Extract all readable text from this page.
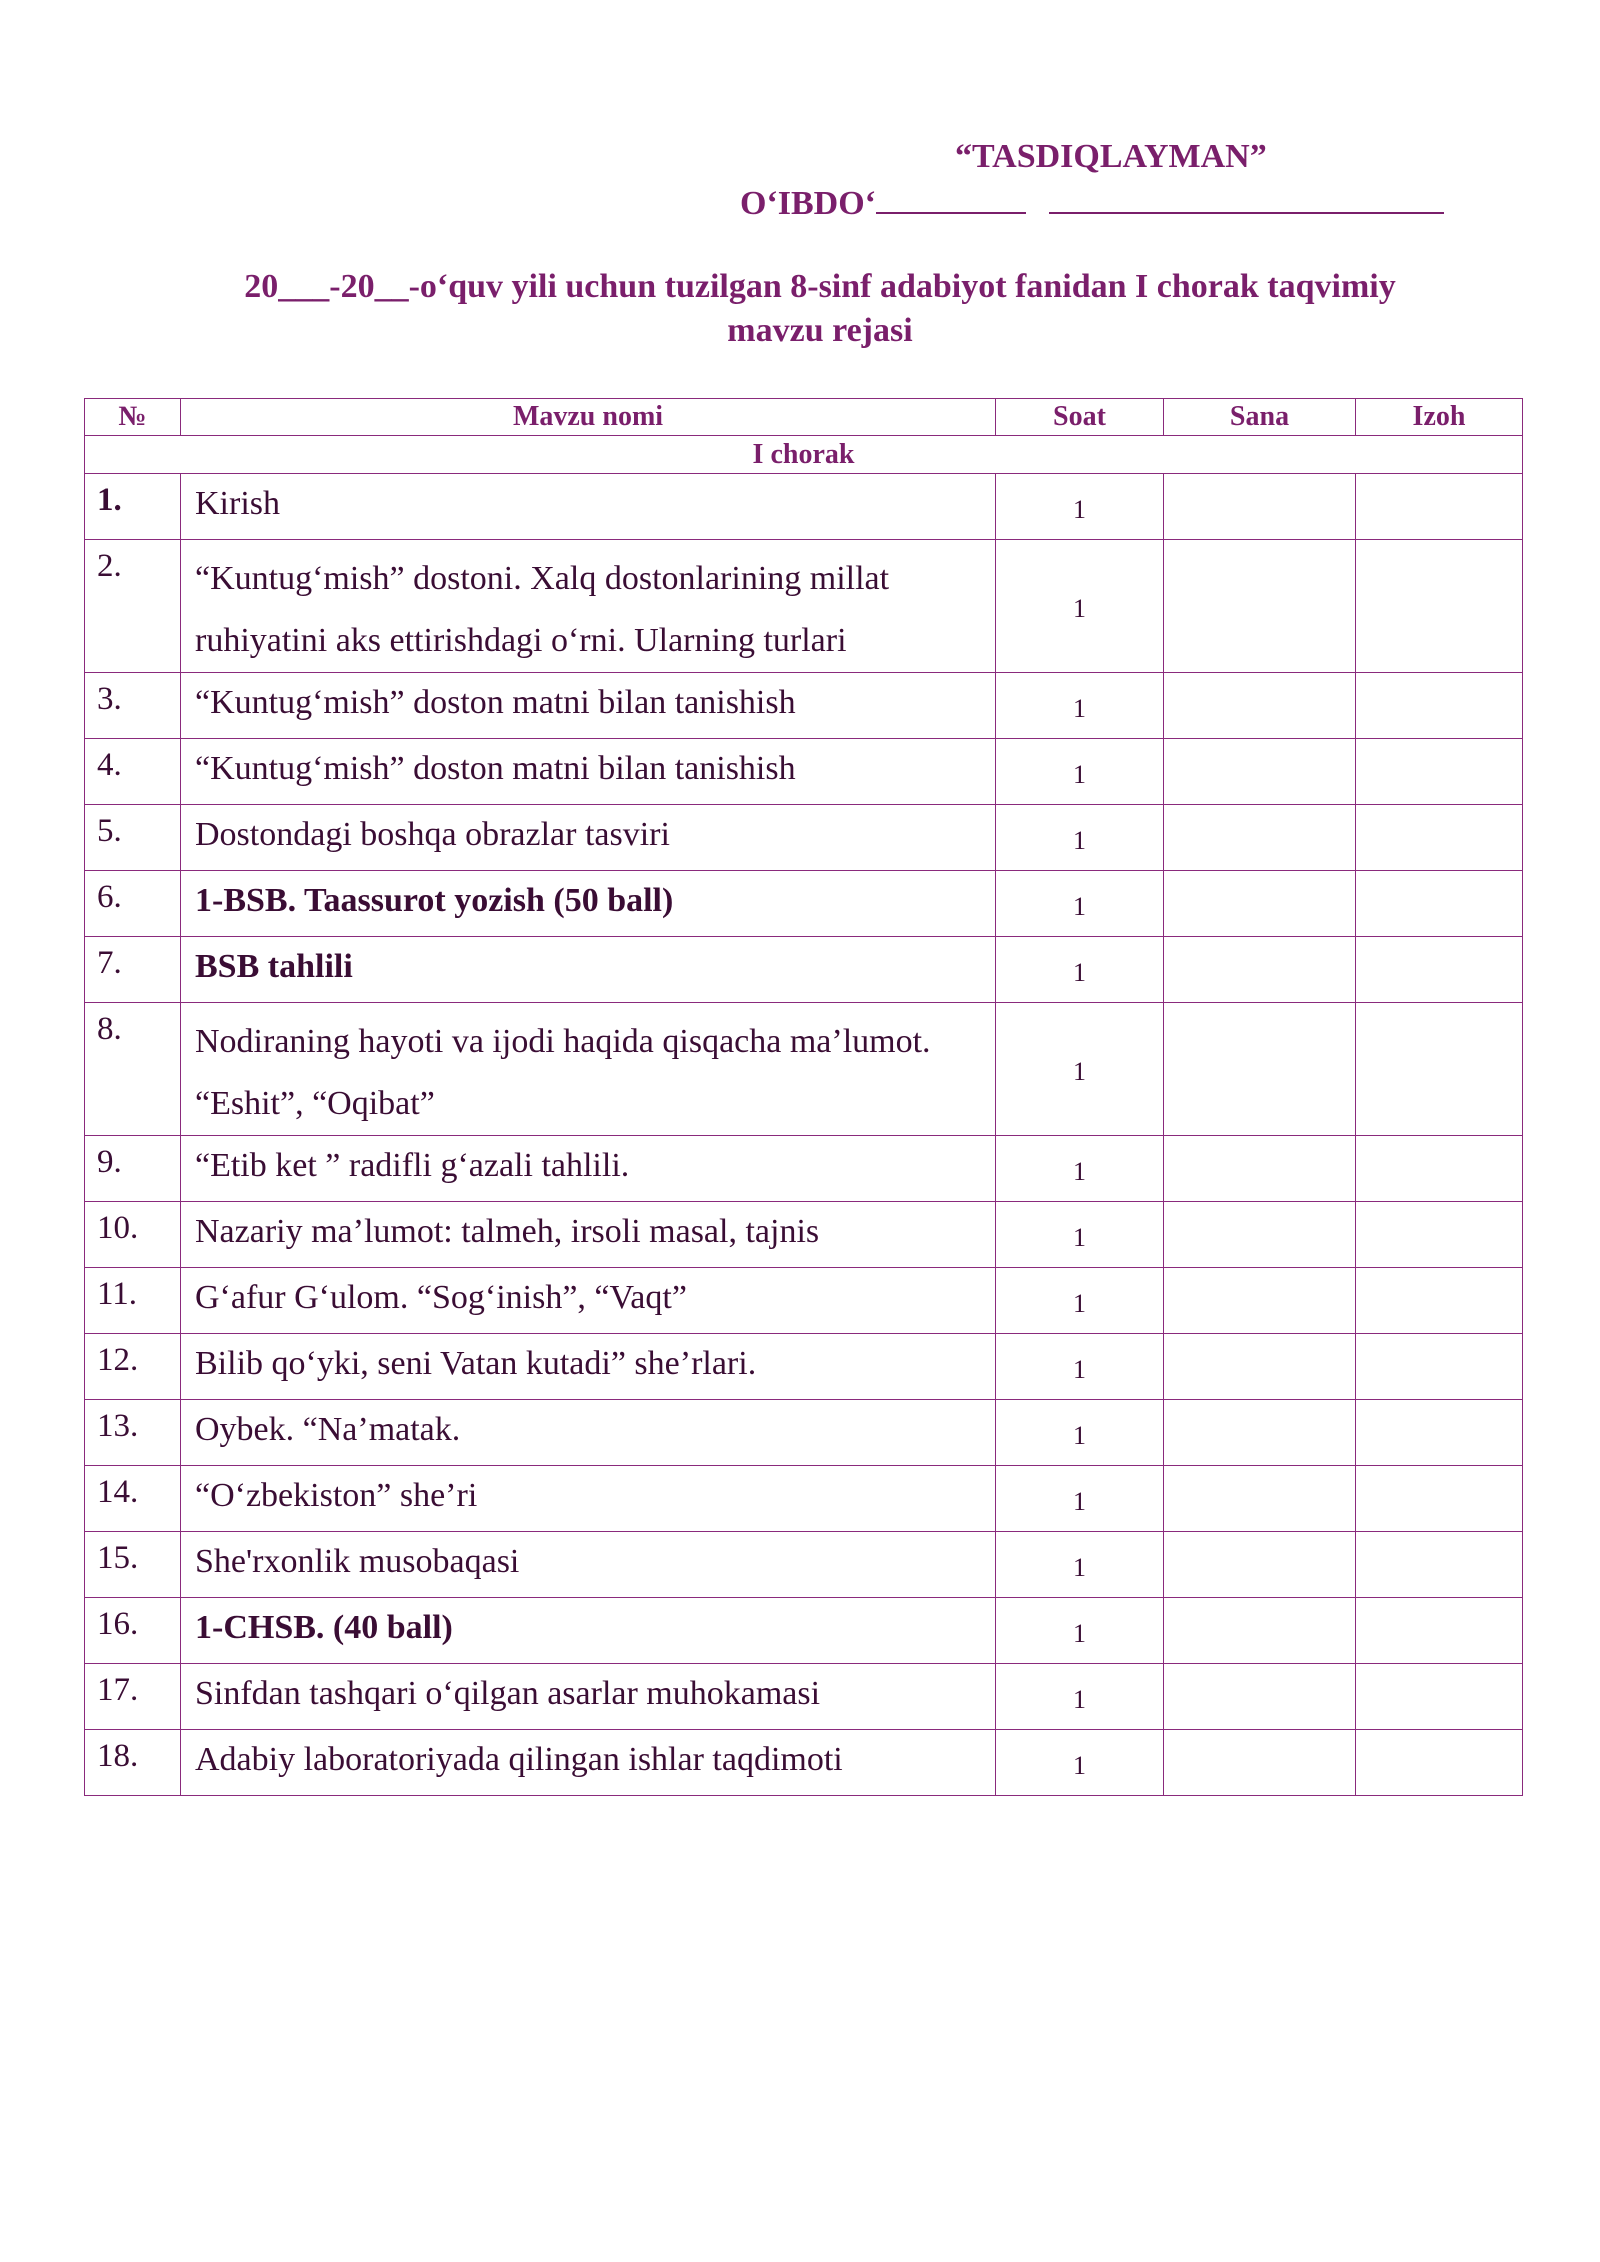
“TASDIQLAYMAN”
O‘IBDO‘
20___-20__-o‘quv yili uchun tuzilgan 8-sinf adabiyot fanidan I chorak taqvimiy
mavzu rejasi
№	Mavzu nomi	Soat	Sana	Izoh
I chorak				
1.	Kirish	1		
2.	“Kuntug‘mish” dostoni. Xalq dostonlarining millat ruhiyatini aks ettirishdagi o‘rni. Ularning turlari	1		
3.	“Kuntug‘mish” doston matni bilan tanishish	1		
4.	“Kuntug‘mish” doston matni bilan tanishish	1		
5.	Dostondagi boshqa obrazlar tasviri	1		
6.	1-BSB. Taassurot yozish (50 ball)	1		
7.	BSB tahlili	1		
8.	Nodiraning hayoti va ijodi haqida qisqacha ma’lumot. “Eshit”, “Oqibat”	1		
9.	“Etib ket ” radifli g‘azali tahlili.	1		
10.	Nazariy ma’lumot: talmeh, irsoli masal, tajnis	1		
11.	G‘afur G‘ulom. “Sog‘inish”, “Vaqt”	1		
12.	Bilib qo‘yki, seni Vatan kutadi” she’rlari.	1		
13.	Oybek. “Na’matak.	1		
14.	“O‘zbekiston” she’ri	1		
15.	She'rxonlik musobaqasi	1		
16.	1-CHSB. (40 ball)	1		
17.	Sinfdan tashqari o‘qilgan asarlar muhokamasi	1		
18.	Adabiy laboratoriyada qilingan ishlar taqdimoti	1		
